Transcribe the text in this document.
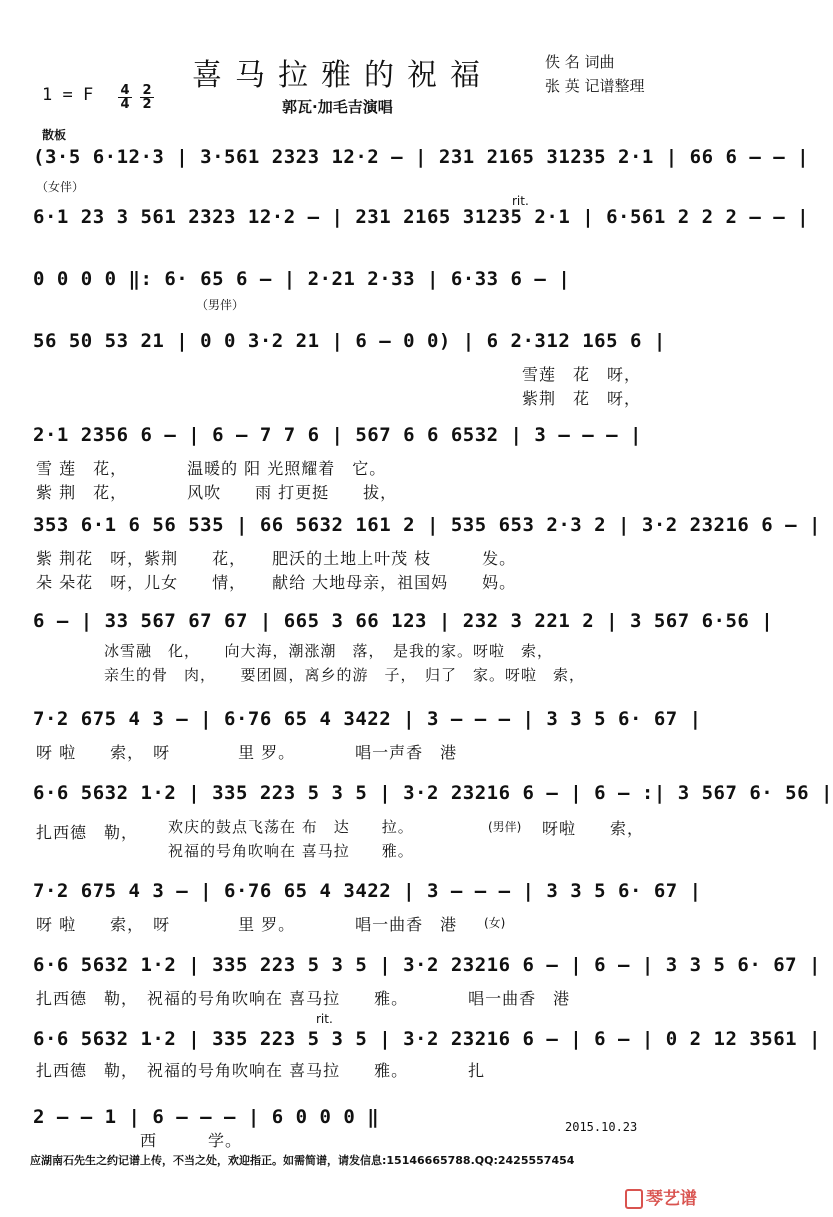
喜马拉雅的祝福	佚 名 词曲
张 英 记谱整理
1 = F $\frac{4}{4} \frac{2}{2}$	郭瓦·加毛吉演唱
散板
(3·5 6·12·3 | 3·561 2323 12·2 — | 231 2165 31235 2·1 | 66 6 — — |
（女伴）
6·1 23 3 561 2323 12·2 — | 231 2165 31235 2·1 | 6·561 2 2 2 — — |
rit.
0 0 0 0 ‖: 6· 65 6 — | 2·21 2·33 | 6·33 6 — |
（男伴）
56 50 53 21 | 0 0 3·2 21 | 6 — 0 0) | 6 2·312 165 6 |
雪莲　花　呀，
紫荆　花　呀，
2·1 2356 6 — | 6 — 7 7 6 | 567 6 6 6532 | 3 — — — |
雪 莲　花，　　　　温暖的 阳 光照耀着　它。
紫 荆　花，　　　　风吹　　雨 打更挺　　拔，
353 6·1 6 56 535 | 66 5632 161 2 | 535 653 2·3 2 | 3·2 23216 6 — |
紫 荆花　呀，紫荆　　花，　　肥沃的土地上叶茂 枝　　　发。
朵 朵花　呀，儿女　　情，　　献给 大地母亲，祖国妈　　妈。
6 — | 33 567 67 67 | 665 3 66 123 | 232 3 221 2 | 3 567 6·56 |
冰雪融　化，　　向大海，潮涨潮　落，　是我的家。呀啦　索，
亲生的骨　肉，　　要团圆，离乡的游　子，　归了　家。呀啦　索，
7·2 675 4 3 — | 6·76 65 4 3422 | 3 — — — | 3 3 5 6· 67 |
呀 啦　　索，　呀　　　　里 罗。　　　　唱一声香　港
6·6 5632 1·2 | 335 223 5 3 5 | 3·2 23216 6 — | 6 — :| 3 567 6· 56 |
扎西德　勒， 欢庆的鼓点飞荡在 布　达　　拉。
祝福的号角吹响在 喜马拉　　雅。
(男伴) 呀啦　　索，
7·2 675 4 3 — | 6·76 65 4 3422 | 3 — — — | 3 3 5 6· 67 |
呀 啦　　索，　呀　　　　里 罗。　　　　唱一曲香　港 (女)
6·6 5632 1·2 | 335 223 5 3 5 | 3·2 23216 6 — | 6 — | 3 3 5 6· 67 |
扎西德　勒，　祝福的号角吹响在 喜马拉　　雅。　　　　唱一曲香　港
6·6 5632 1·2 | 335 223 5 3 5 | 3·2 23216 6 — | 6 — | 0 2 12 3561 |
rit.
扎西德　勒，　祝福的号角吹响在 喜马拉　　雅。　　　　扎
2 — — 1 | 6 — — — | 6 0 0 0 ‖
西　　　学。
2015.10.23
应湖南石先生之约记谱上传，不当之处，欢迎指正。如需简谱，请发信息:15146665788.QQ:2425557454
琴艺谱
